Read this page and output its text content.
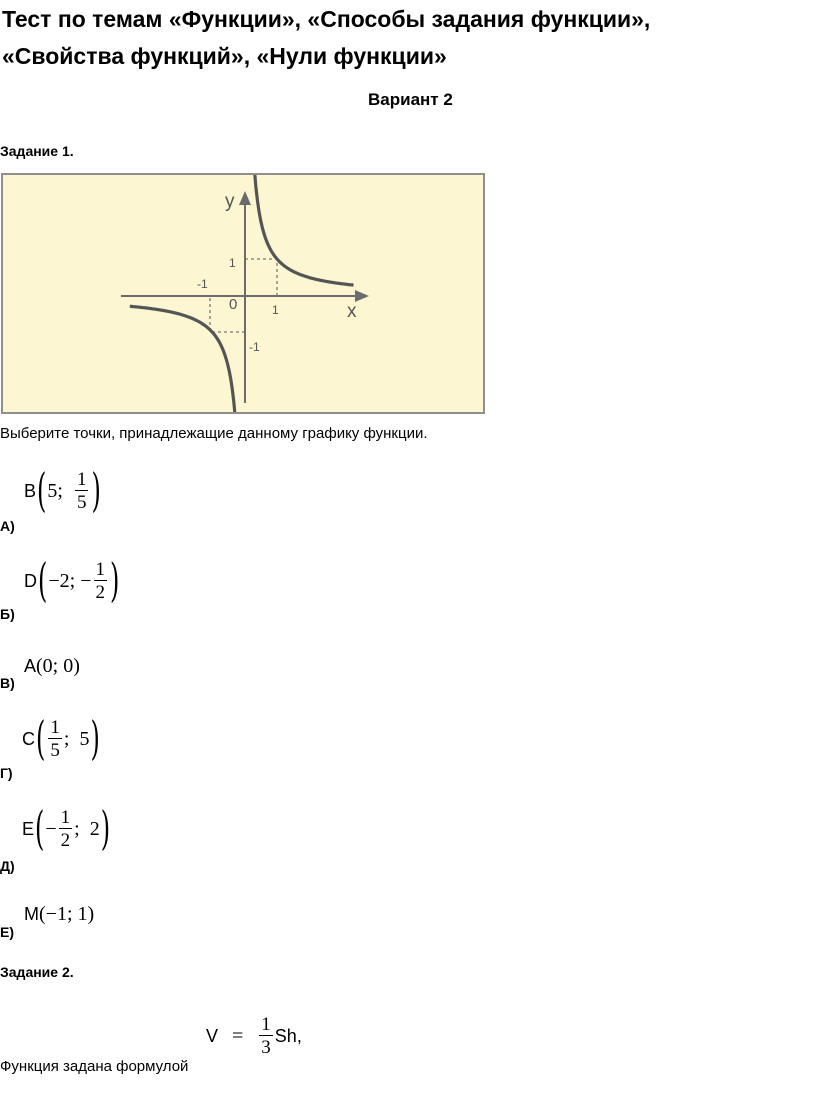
Тест по темам «Функции», «Способы задания функции»,
«Свойства функций», «Нули функции»
Вариант 2
Задание 1.
y
x
1
-1
0	1
-1
Выберите точки, принадлежащие данному графику функции.
B ( 5 ; $\frac{1}{5}$ )
А)
D ( −2 ; − $\frac{1}{2}$ )
Б)
A (0; 0)
В)
C ( $\frac{1}{5}$ ; 5 )
Г)
E ( − $\frac{1}{2}$ ; 2 )
Д)
M (−1; 1)
Е)
Задание 2.
$V = \frac{1}{3} Sh$,
Функция задана формулой
